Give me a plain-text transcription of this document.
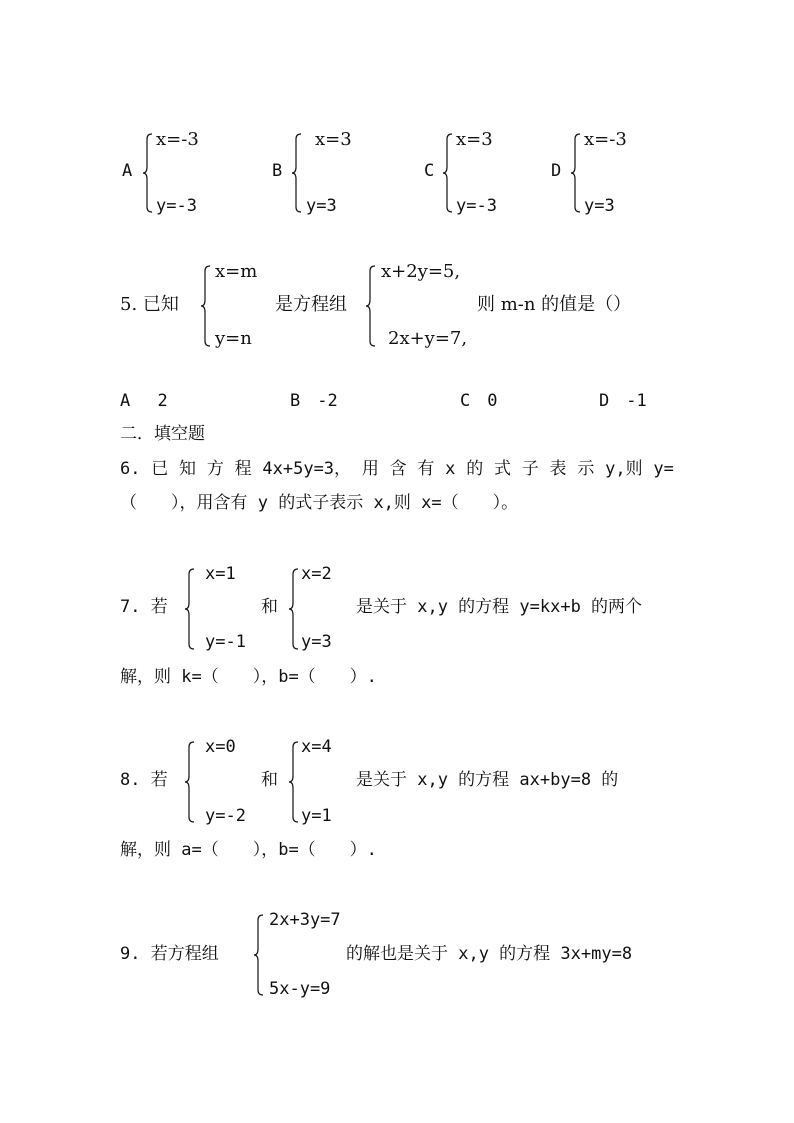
A
x=-3
y=-3
B
x=3
y=3
C
x=3
y=-3
D
x=-3
y=3
5. 已知
x=m
y=n
是方程组
x+2y=5,
2x+y=7,
则 m-n 的值是（）
A　 2	B　-2	C　0	D　-1
二．填空题
6. 已 知 方 程 4x+5y=3， 用 含 有 x 的 式 子 表 示 y,则 y=
（　　），用含有 y 的式子表示 x,则 x=（　　）。
7. 若
x=1
y=-1
和
x=2
y=3
是关于 x,y 的方程 y=kx+b 的两个
解，则 k=（　　），b=（　　）.
8. 若
x=0
y=-2
和
x=4
y=1
是关于 x,y 的方程 ax+by=8 的
解，则 a=（　　），b=（　　）.
9. 若方程组
2x+3y=7
5x-y=9
的解也是关于 x,y 的方程 3x+my=8
